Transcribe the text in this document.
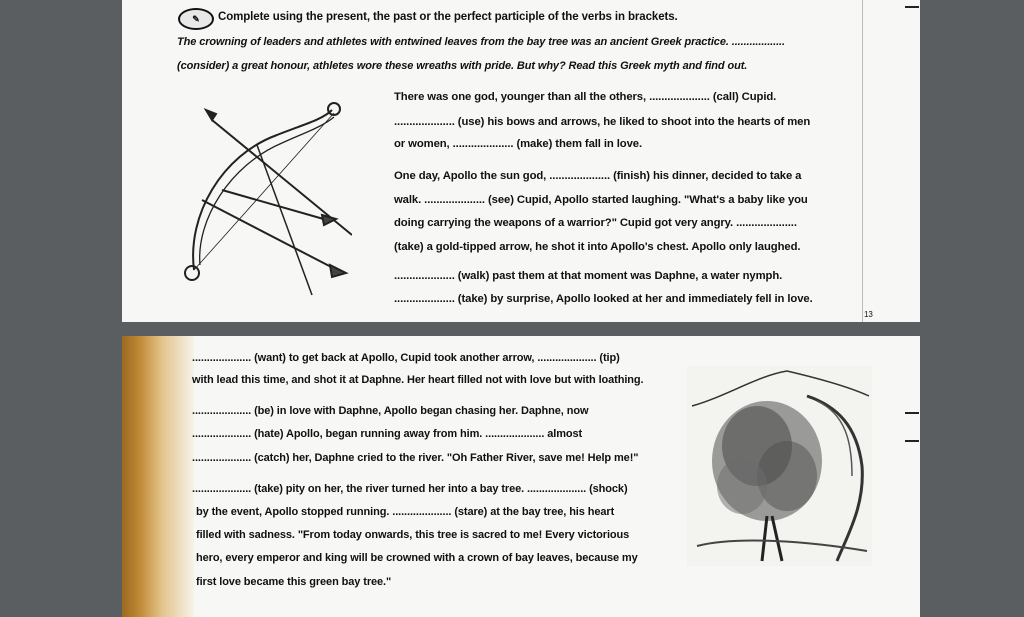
✎	Complete using the present, the past or the perfect participle of the verbs in brackets.
The crowning of leaders and athletes with entwined leaves from the bay tree was an ancient Greek practice. ..................
(consider) a great honour, athletes wore these wreaths with pride. But why? Read this Greek myth and find out.
There was one god, younger than all the others, .................... (call) Cupid.
.................... (use) his bows and arrows, he liked to shoot into the hearts of men
or women, .................... (make) them fall in love.
One day, Apollo the sun god, .................... (finish) his dinner, decided to take a
walk. .................... (see) Cupid, Apollo started laughing. "What's a baby like you
doing carrying the weapons of a warrior?" Cupid got very angry. ....................
(take) a gold-tipped arrow, he shot it into Apollo's chest. Apollo only laughed.
.................... (walk) past them at that moment was Daphne, a water nymph.
.................... (take) by surprise, Apollo looked at her and immediately fell in love.
13
.................... (want) to get back at Apollo, Cupid took another arrow, .................... (tip)
with lead this time, and shot it at Daphne. Her heart filled not with love but with loathing.
.................... (be) in love with Daphne, Apollo began chasing her. Daphne, now
.................... (hate) Apollo, began running away from him. .................... almost
.................... (catch) her, Daphne cried to the river. "Oh Father River, save me! Help me!"
.................... (take) pity on her, the river turned her into a bay tree. .................... (shock)
by the event, Apollo stopped running. .................... (stare) at the bay tree, his heart
filled with sadness. "From today onwards, this tree is sacred to me! Every victorious
hero, every emperor and king will be crowned with a crown of bay leaves, because my
first love became this green bay tree."
